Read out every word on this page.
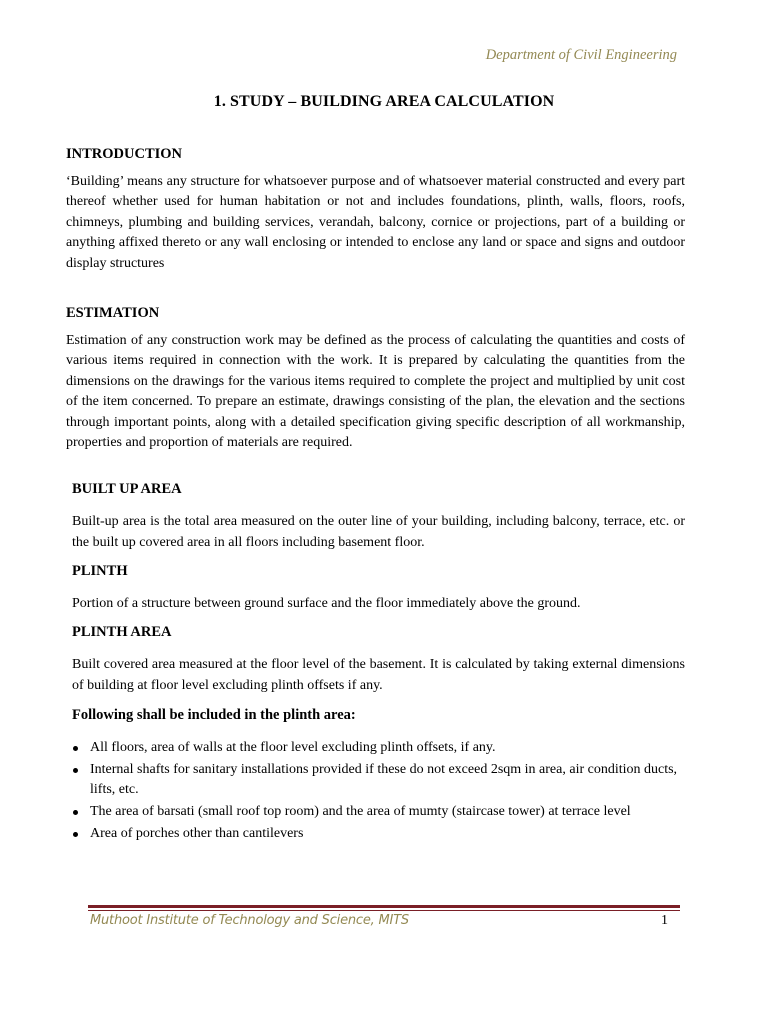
Department of Civil Engineering
1. STUDY – BUILDING AREA CALCULATION
INTRODUCTION
‘Building’ means any structure for whatsoever purpose and of whatsoever material constructed and every part thereof whether used for human habitation or not and includes foundations, plinth, walls, floors, roofs, chimneys, plumbing and building services, verandah, balcony, cornice or projections, part of a building or anything affixed thereto or any wall enclosing or intended to enclose any land or space and signs and outdoor display structures
ESTIMATION
Estimation of any construction work may be defined as the process of calculating the quantities and costs of various items required in connection with the work. It is prepared by calculating the quantities from the dimensions on the drawings for the various items required to complete the project and multiplied by unit cost of the item concerned. To prepare an estimate, drawings consisting of the plan, the elevation and the sections through important points, along with a detailed specification giving specific description of all workmanship, properties and proportion of materials are required.
BUILT UP AREA
Built-up area is the total area measured on the outer line of your building, including balcony, terrace, etc. or the built up covered area in all floors including basement floor.
PLINTH
Portion of a structure between ground surface and the floor immediately above the ground.
PLINTH AREA
Built covered area measured at the floor level of the basement. It is calculated by taking external dimensions of building at floor level excluding plinth offsets if any.
Following shall be included in the plinth area:
All floors, area of walls at the floor level excluding plinth offsets, if any.
Internal shafts for sanitary installations provided if these do not exceed 2sqm in area, air condition ducts, lifts, etc.
The area of barsati (small roof top room) and the area of mumty (staircase tower) at terrace level
Area of porches other than cantilevers
Muthoot Institute of Technology and Science, MITS	1
